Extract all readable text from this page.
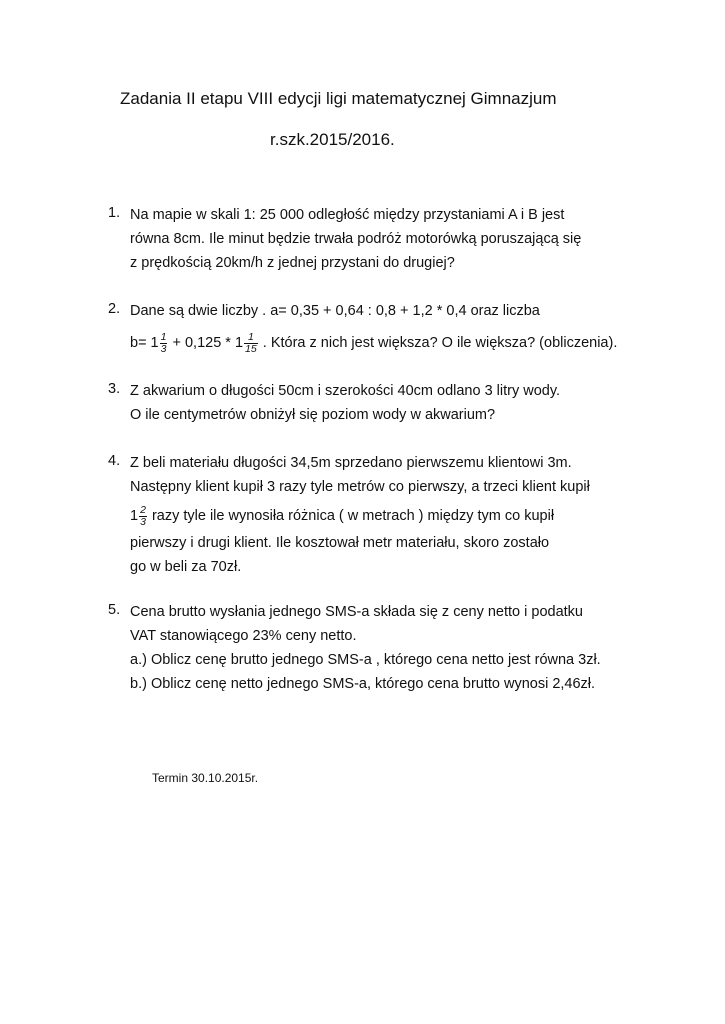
Zadania II etapu VIII edycji ligi matematycznej Gimnazjum
r.szk.2015/2016.
1. Na mapie w skali 1: 25 000 odległość między przystaniami A i B jest
równa 8cm. Ile minut będzie trwała podróż motorówką poruszającą się
z prędkością 20km/h z jednej przystani do drugiej?
2. Dane są dwie liczby . a= 0,35 + 0,64 : 0,8 + 1,2 * 0,4 oraz liczba
$b= 1 \frac{1}{3} + 0,125 * 1 \frac{1}{15}$ . Która z nich jest większa? O ile większa? (obliczenia).
3. Z akwarium o długości 50cm i szerokości 40cm odlano 3 litry wody.
O ile centymetrów obniżył się poziom wody w akwarium?
4. Z beli materiału długości 34,5m sprzedano pierwszemu klientowi 3m.
Następny klient kupił 3 razy tyle metrów co pierwszy, a trzeci klient kupił
$1 \frac{2}{3}$ razy tyle ile wynosiła różnica ( w metrach ) między tym co kupił
pierwszy i drugi klient. Ile kosztował metr materiału, skoro zostało
go w beli za 70zł.
5. Cena brutto wysłania jednego SMS-a składa się z ceny netto i podatku
VAT stanowiącego 23% ceny netto.
a.) Oblicz cenę brutto jednego SMS-a , którego cena netto jest równa 3zł.
b.) Oblicz cenę netto jednego SMS-a, którego cena brutto wynosi 2,46zł.
Termin 30.10.2015r.
